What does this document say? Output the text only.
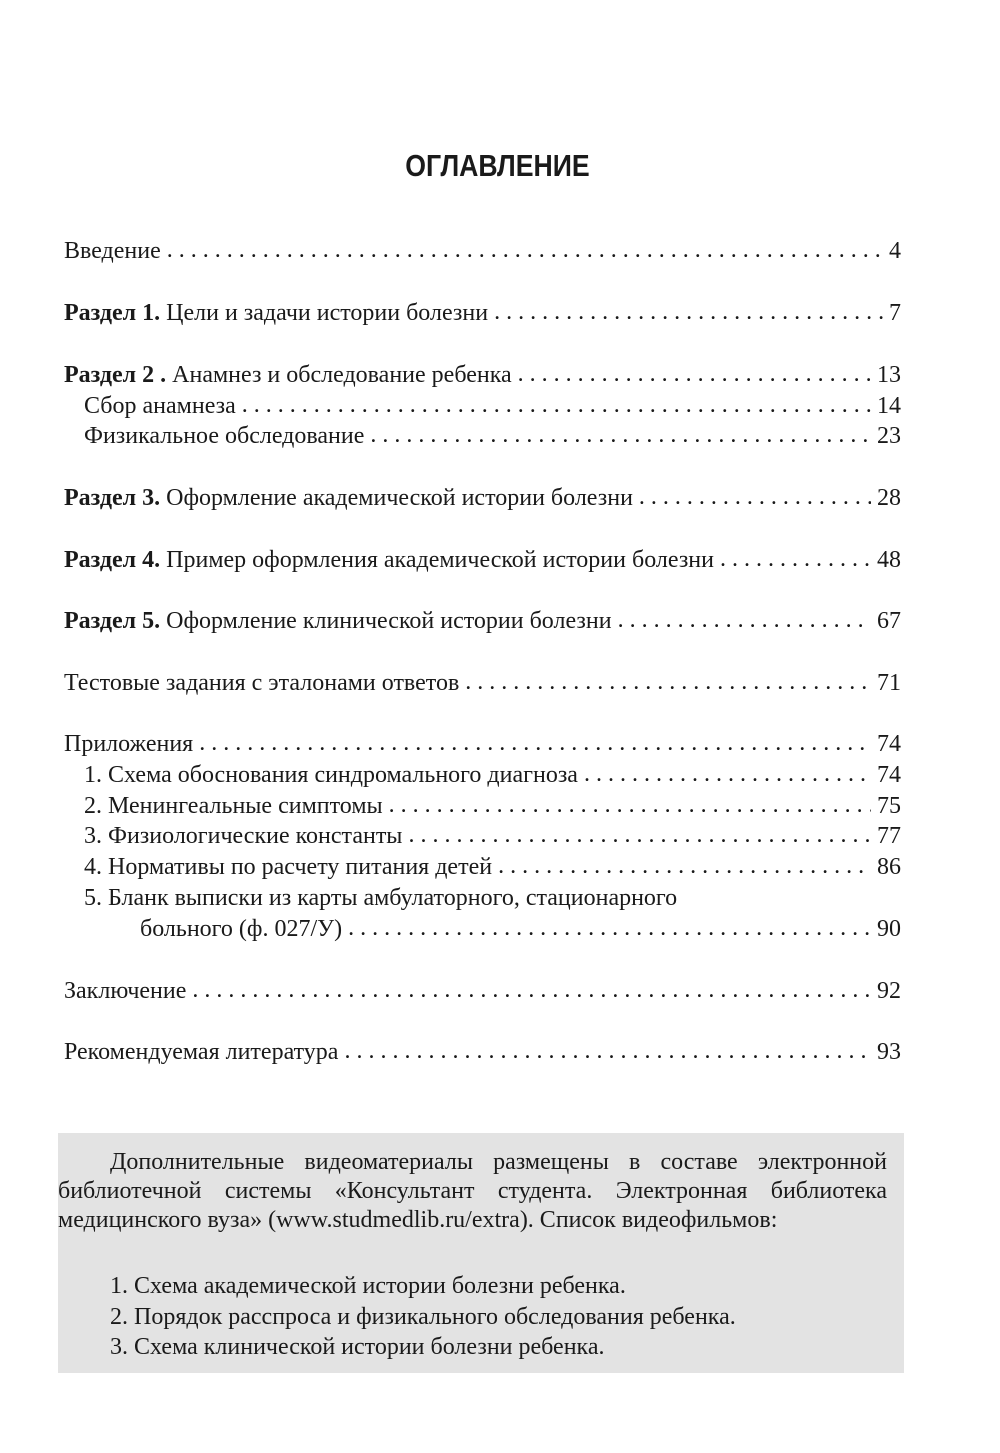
ОГЛАВЛЕНИЕ
Введение . . .	4
Раздел 1. Цели и задачи истории болезни . . .	7
Раздел 2 . Анамнез и обследование ребенка . . .	13
Сбор анамнеза . . .	14
Физикальное обследование . . .	23
Раздел 3. Оформление академической истории болезни . . .	28
Раздел 4. Пример оформления академической истории болезни . . .	48
Раздел 5. Оформление клинической истории болезни . . .	67
Тестовые задания с эталонами ответов . . .	71
Приложения . . .	74
1. Схема обоснования синдромального диагноза . . .	74
2. Менингеальные симптомы . . .	75
3. Физиологические константы . . .	77
4. Нормативы по расчету питания детей . . .	86
5. Бланк выписки из карты амбулаторного, стационарного
больного (ф. 027/У) . . .	90
Заключение . . .	92
Рекомендуемая литература . . .	93
Дополнительные видеоматериалы размещены в составе электронной библиотечной системы «Консультант студента. Электронная библиотека медицинского вуза» (www.studmedlib.ru/extra). Список видеофильмов:
1. Схема академической истории болезни ребенка.
2. Порядок расспроса и физикального обследования ребенка.
3. Схема клинической истории болезни ребенка.
